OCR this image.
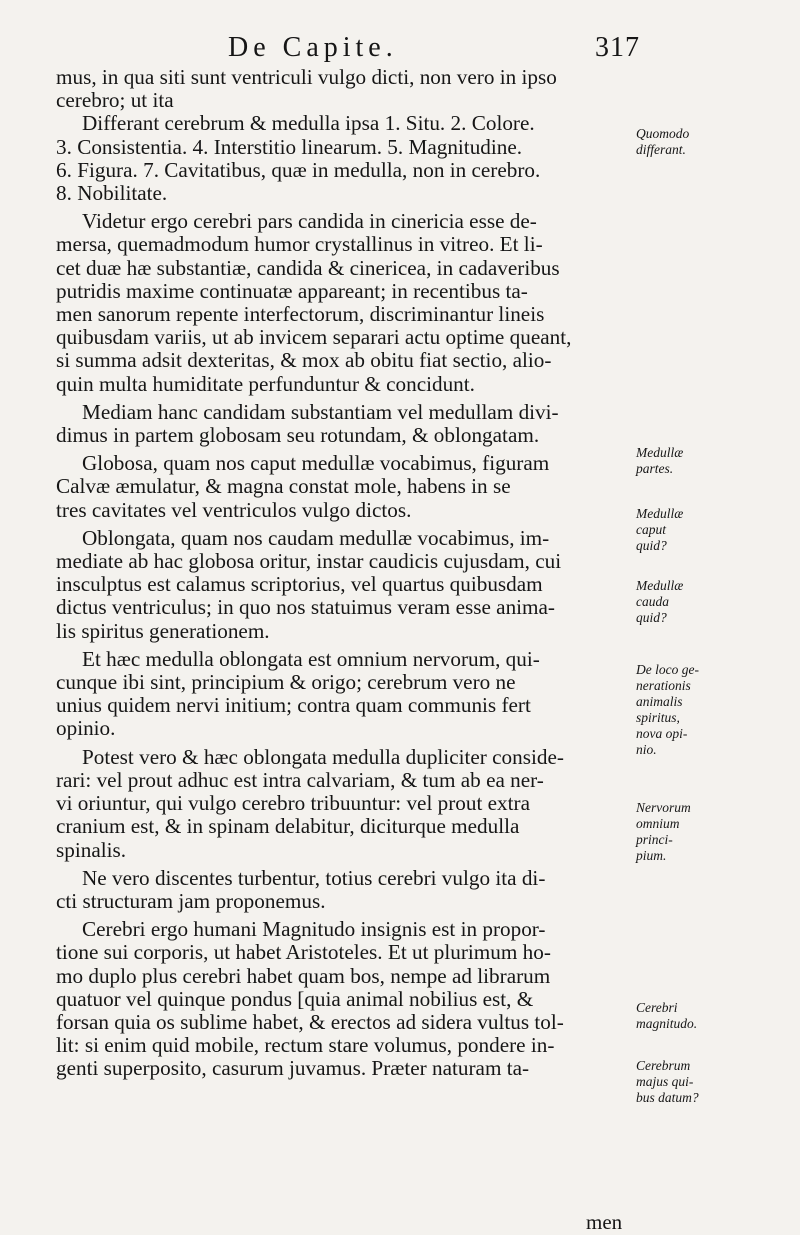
De Capite.	317
mus, in qua siti sunt ventriculi vulgo dicti, non vero in ipso
cerebro; ut ita
Differant cerebrum & medulla ipsa 1. Situ. 2. Colore.
3. Consistentia. 4. Interstitio linearum. 5. Magnitudine.
6. Figura. 7. Cavitatibus, quæ in medulla, non in cerebro.
8. Nobilitate.
Videtur ergo cerebri pars candida in cinericia esse de-
mersa, quemadmodum humor crystallinus in vitreo. Et li-
cet duæ hæ substantiæ, candida & cinericea, in cadaveribus
putridis maxime continuatæ appareant; in recentibus ta-
men sanorum repente interfectorum, discriminantur lineis
quibusdam variis, ut ab invicem separari actu optime queant,
si summa adsit dexteritas, & mox ab obitu fiat sectio, alio-
quin multa humiditate perfunduntur & concidunt.
Mediam hanc candidam substantiam vel medullam divi-
dimus in partem globosam seu rotundam, & oblongatam.
Globosa, quam nos caput medullæ vocabimus, figuram
Calvæ æmulatur, & magna constat mole, habens in se
tres cavitates vel ventriculos vulgo dictos.
Oblongata, quam nos caudam medullæ vocabimus, im-
mediate ab hac globosa oritur, instar caudicis cujusdam, cui
insculptus est calamus scriptorius, vel quartus quibusdam
dictus ventriculus; in quo nos statuimus veram esse anima-
lis spiritus generationem.
Et hæc medulla oblongata est omnium nervorum, qui-
cunque ibi sint, principium & origo; cerebrum vero ne
unius quidem nervi initium; contra quam communis fert
opinio.
Potest vero & hæc oblongata medulla dupliciter conside-
rari: vel prout adhuc est intra calvariam, & tum ab ea ner-
vi oriuntur, qui vulgo cerebro tribuuntur: vel prout extra
cranium est, & in spinam delabitur, diciturque medulla
spinalis.
Ne vero discentes turbentur, totius cerebri vulgo ita di-
cti structuram jam proponemus.
Cerebri ergo humani Magnitudo insignis est in propor-
tione sui corporis, ut habet Aristoteles. Et ut plurimum ho-
mo duplo plus cerebri habet quam bos, nempe ad librarum
quatuor vel quinque pondus [quia animal nobilius est, &
forsan quia os sublime habet, & erectos ad sidera vultus tol-
lit: si enim quid mobile, rectum stare volumus, pondere in-
genti superposito, casurum juvamus. Præter naturam ta-
Quomodo
differant.
Medullæ
partes.
Medullæ
caput
quid?
Medullæ
cauda
quid?
De loco ge-
nerationis
animalis
spiritus,
nova opi-
nio.
Nervorum
omnium
princi-
pium.
Cerebri
magnitudo.
Cerebrum
majus qui-
bus datum?
men
